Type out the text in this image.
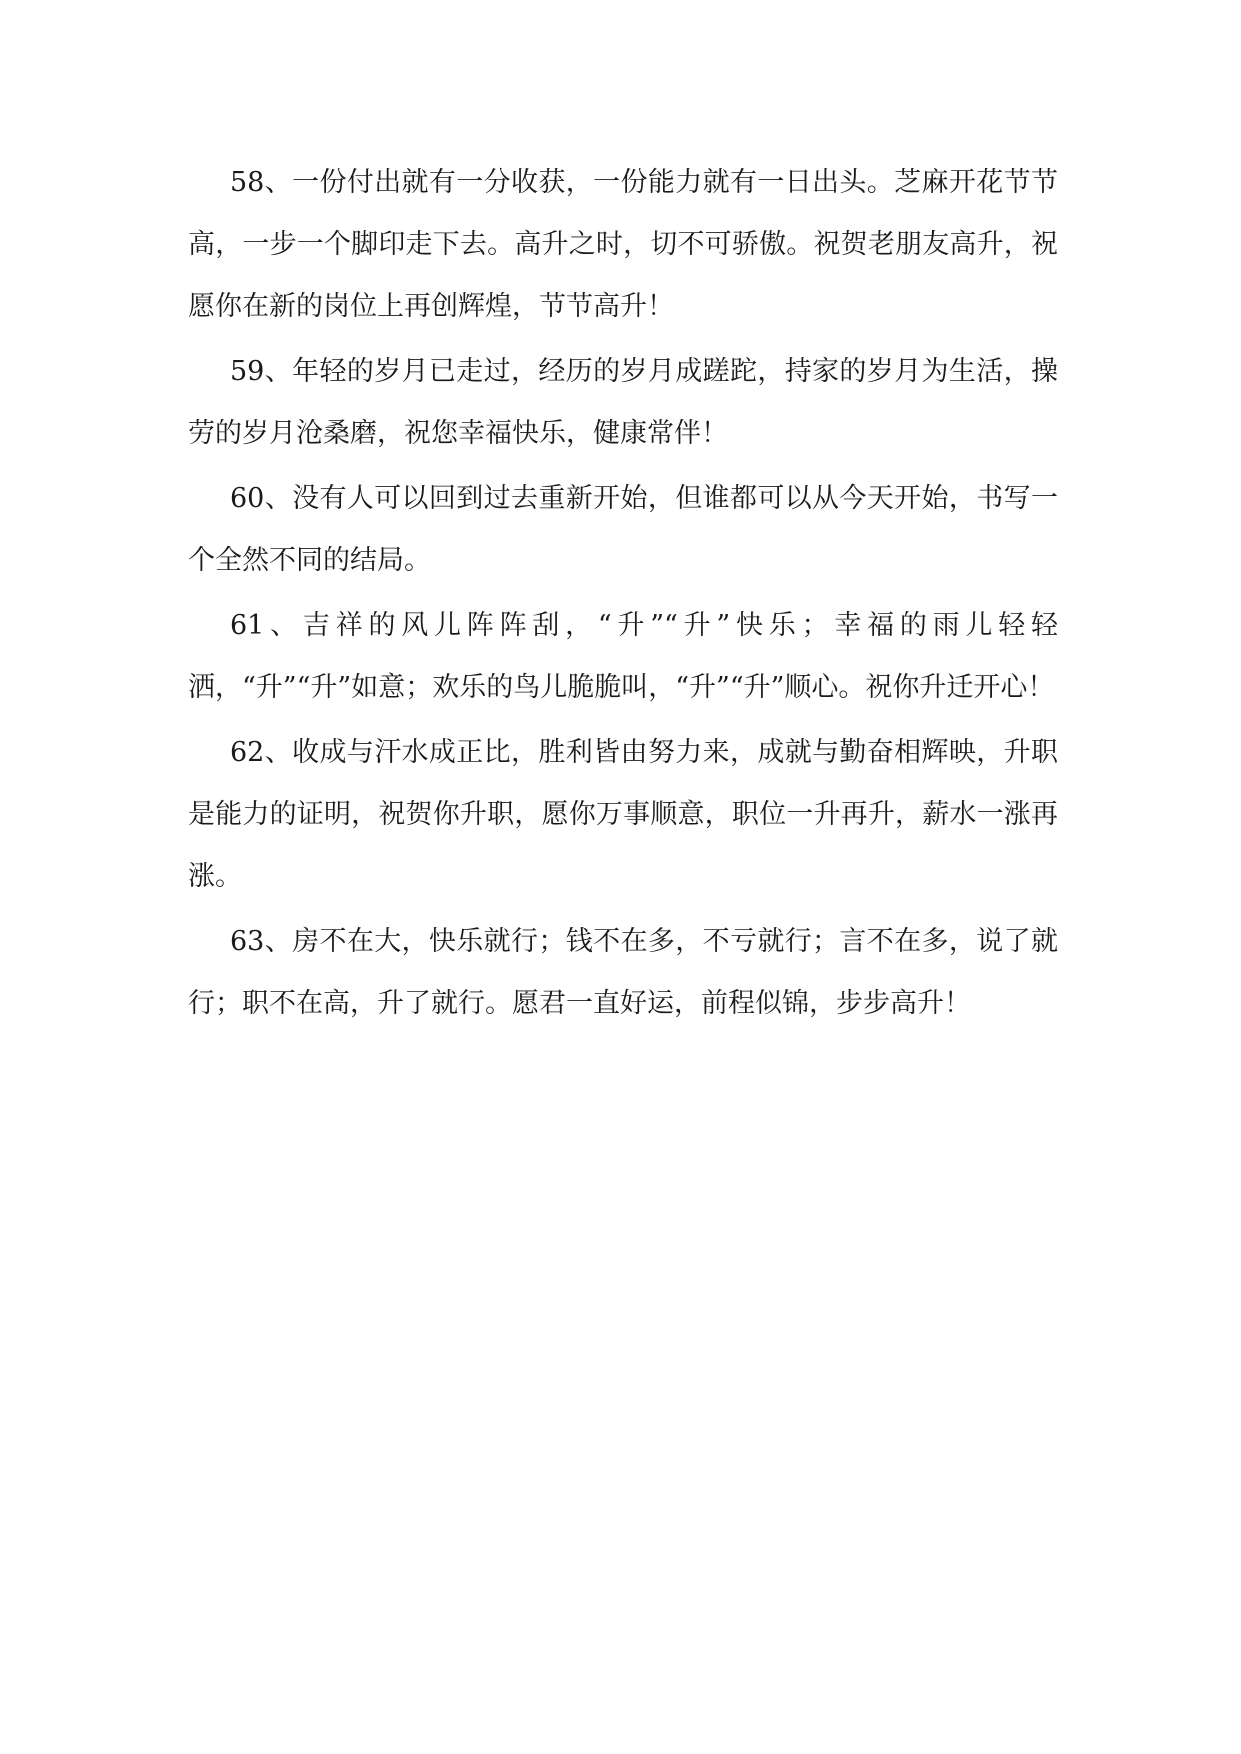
58、一份付出就有一分收获，一份能力就有一日出头。芝麻开花节节高，一步一个脚印走下去。高升之时，切不可骄傲。祝贺老朋友高升，祝愿你在新的岗位上再创辉煌，节节高升！

59、年轻的岁月已走过，经历的岁月成蹉跎，持家的岁月为生活，操劳的岁月沧桑磨，祝您幸福快乐，健康常伴！

60、没有人可以回到过去重新开始，但谁都可以从今天开始，书写一个全然不同的结局。

61、吉祥的风儿阵阵刮，“升”“升”快乐；幸福的雨儿轻轻洒，“升”“升”如意；欢乐的鸟儿脆脆叫，“升”“升”顺心。祝你升迁开心！

62、收成与汗水成正比，胜利皆由努力来，成就与勤奋相辉映，升职是能力的证明，祝贺你升职，愿你万事顺意，职位一升再升，薪水一涨再涨。

63、房不在大，快乐就行；钱不在多，不亏就行；言不在多，说了就行；职不在高，升了就行。愿君一直好运，前程似锦，步步高升！
